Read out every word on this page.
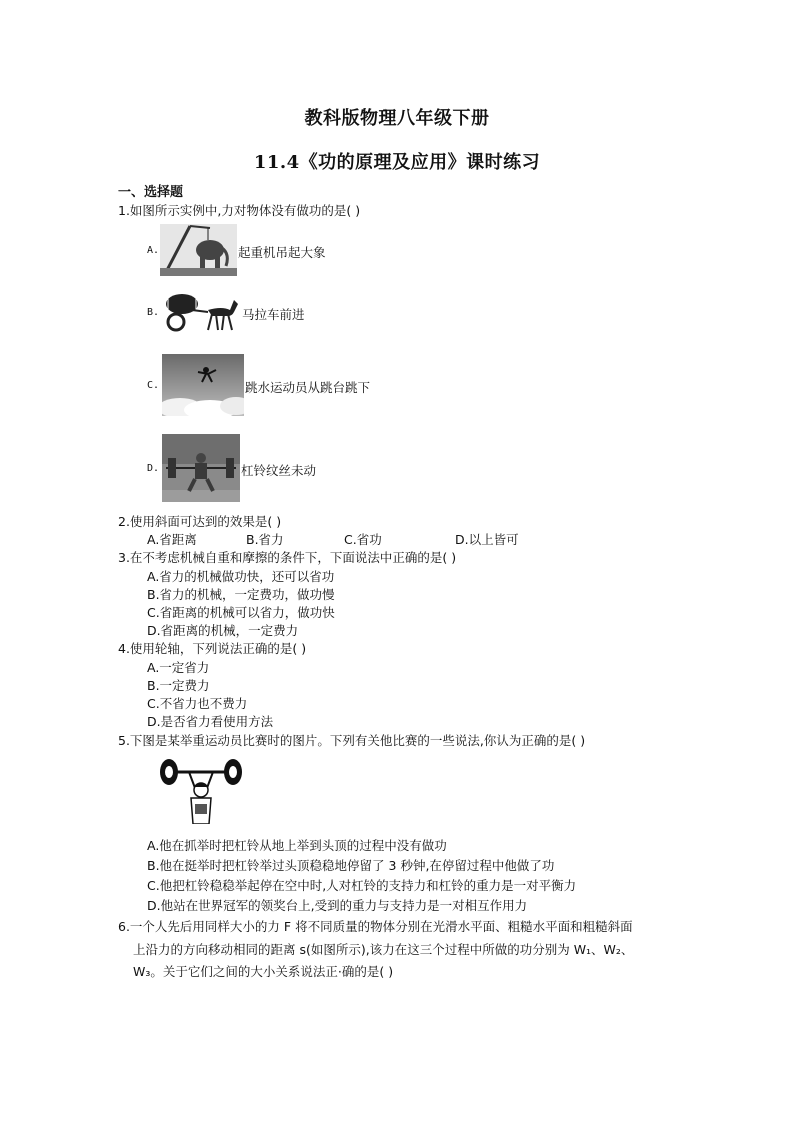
教科版物理八年级下册
11.4《功的原理及应用》课时练习
一、选择题
1.如图所示实例中,力对物体没有做功的是( )
A.	起重机吊起大象
B.	马拉车前进
C.	跳水运动员从跳台跳下
D.	杠铃纹丝未动
2.使用斜面可达到的效果是( )
A.省距离	B.省力	C.省功	D.以上皆可
3.在不考虑机械自重和摩擦的条件下，下面说法中正确的是( )
A.省力的机械做功快，还可以省功
B.省力的机械，一定费功，做功慢
C.省距离的机械可以省力，做功快
D.省距离的机械，一定费力
4.使用轮轴，下列说法正确的是( )
A.一定省力
B.一定费力
C.不省力也不费力
D.是否省力看使用方法
5.下图是某举重运动员比赛时的图片。下列有关他比赛的一些说法,你认为正确的是( )
A.他在抓举时把杠铃从地上举到头顶的过程中没有做功
B.他在挺举时把杠铃举过头顶稳稳地停留了 3 秒钟,在停留过程中他做了功
C.他把杠铃稳稳举起停在空中时,人对杠铃的支持力和杠铃的重力是一对平衡力
D.他站在世界冠军的领奖台上,受到的重力与支持力是一对相互作用力
6.一个人先后用同样大小的力 F 将不同质量的物体分别在光滑水平面、粗糙水平面和粗糙斜面
上沿力的方向移动相同的距离 s(如图所示),该力在这三个过程中所做的功分别为 W₁、W₂、
W₃。关于它们之间的大小关系说法正·确的是( )
